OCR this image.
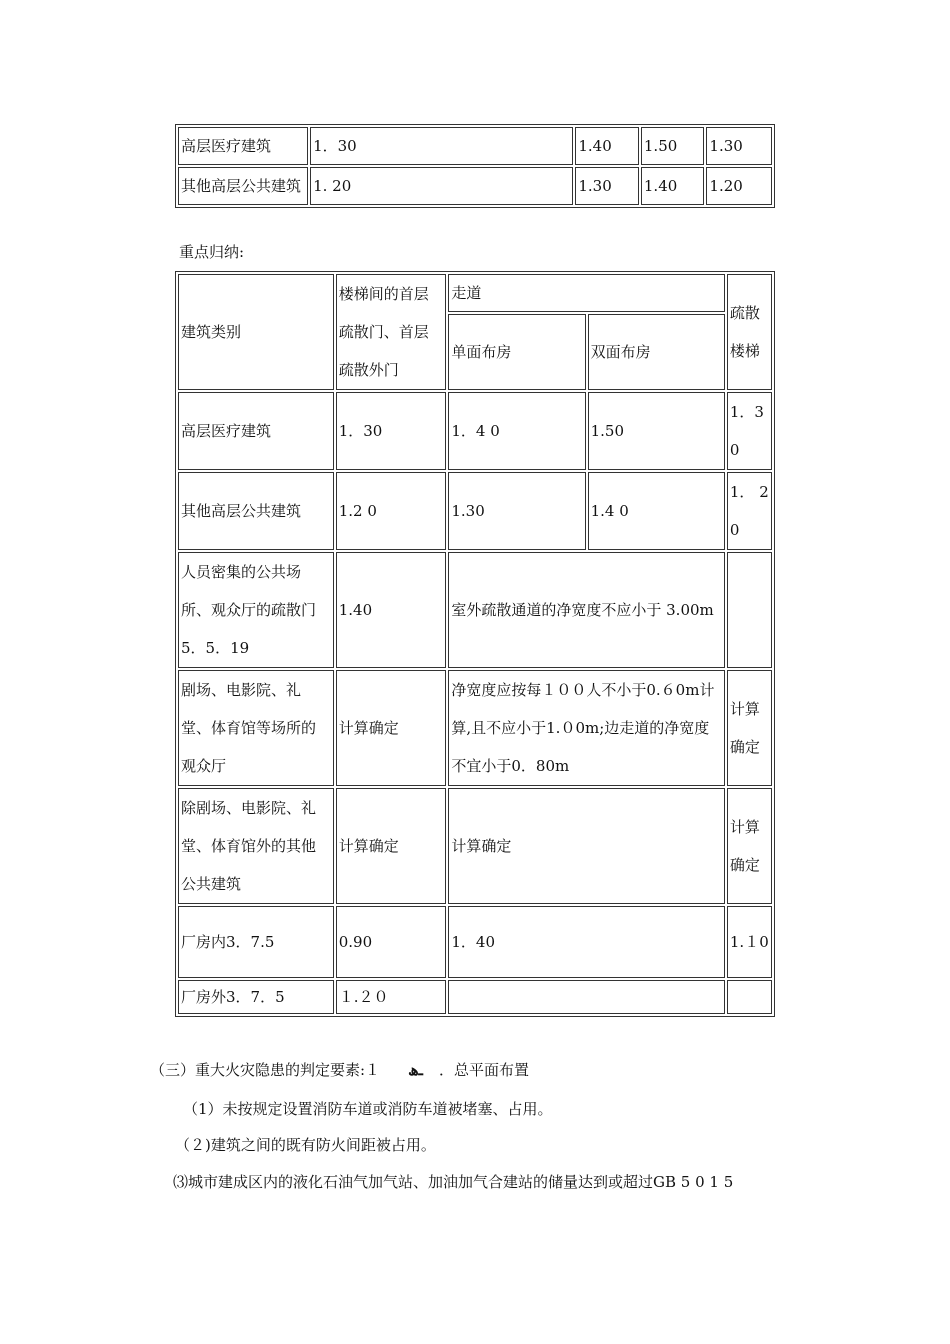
高层医疗建筑	1．30	1.40	1.50	1.30
其他高层公共建筑	1. 20	1.30	1.40	1.20
重点归纳:
建筑类别	楼梯间的首层疏散门、首层疏散外门	走道		疏散楼梯
		单面布房	双面布房	
高层医疗建筑	1．30	1．4 0	1.50	1．3 0
其他高层公共建筑	1.2 0	1.30	1.4 0	1． 2 0
人员密集的公共场所、观众厅的疏散门 5．5．19	1.40	室外疏散通道的净宽度不应小于 3.00m		
剧场、电影院、礼堂、体育馆等场所的观众厅	计算确定	净宽度应按每１００人不小于0.６0m计算,且不应小于1.０0m;边走道的净宽度不宜小于0．80m		计算确定
除剧场、电影院、礼堂、体育馆外的其他公共建筑	计算确定	计算确定		计算确定
厂房内3．7.5	0.90	1．40		1.１0
厂房外3．7．5	１.２０			
（三）重大火灾隐患的判定要素:１ ـﮪ ．总平面布置
（1）未按规定设置消防车道或消防车道被堵塞、占用。
（２)建筑之间的既有防火间距被占用。
⑶城市建成区内的液化石油气加气站、加油加气合建站的储量达到或超过GB 5 0 1 5
